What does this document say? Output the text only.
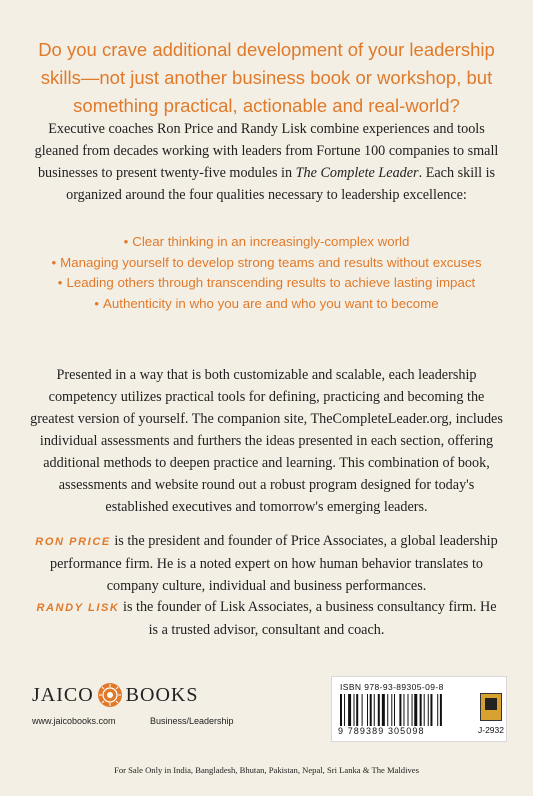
Do you crave additional development of your leadership skills—not just another business book or workshop, but something practical, actionable and real-world?
Executive coaches Ron Price and Randy Lisk combine experiences and tools gleaned from decades working with leaders from Fortune 100 companies to small businesses to present twenty-five modules in The Complete Leader. Each skill is organized around the four qualities necessary to leadership excellence:
• Clear thinking in an increasingly-complex world
• Managing yourself to develop strong teams and results without excuses
• Leading others through transcending results to achieve lasting impact
• Authenticity in who you are and who you want to become
Presented in a way that is both customizable and scalable, each leadership competency utilizes practical tools for defining, practicing and becoming the greatest version of yourself. The companion site, TheCompleteLeader.org, includes individual assessments and furthers the ideas presented in each section, offering additional methods to deepen practice and learning. This combination of book, assessments and website round out a robust program designed for today's established executives and tomorrow's emerging leaders.
RON PRICE is the president and founder of Price Associates, a global leadership performance firm. He is a noted expert on how human behavior translates to company culture, individual and business performances.
RANDY LISK is the founder of Lisk Associates, a business consultancy firm. He is a trusted advisor, consultant and coach.
JAICO BOOKS
www.jaicobooks.com	Business/Leadership
ISBN 978-93-89305-09-8
9 789389 305098	J-2932
For Sale Only in India, Bangladesh, Bhutan, Pakistan, Nepal, Sri Lanka & The Maldives
